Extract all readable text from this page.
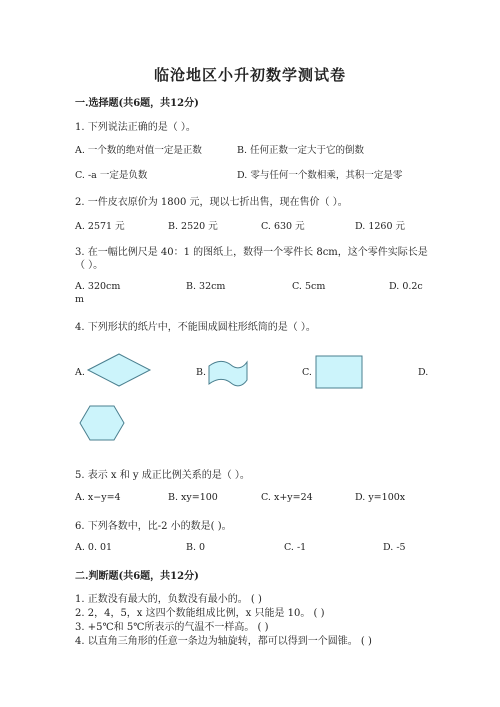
临沧地区小升初数学测试卷
一.选择题(共6题，共12分)
1. 下列说法正确的是（ ）。
A. 一个数的绝对值一定是正数	B. 任何正数一定大于它的倒数
C. -a 一定是负数	D. 零与任何一个数相乘，其积一定是零
2. 一件皮衣原价为 1800 元，现以七折出售，现在售价（ ）。
A. 2571 元	B. 2520 元	C. 630 元	D. 1260 元
3. 在一幅比例尺是 40：1 的图纸上，数得一个零件长 8cm，这个零件实际长是
（ ）。
A. 320cm	B. 32cm	C. 5cm	D. 0.2c
m
4. 下列形状的纸片中，不能围成圆柱形纸筒的是（ ）。
A.	B.	C.	D.
5. 表示 x 和 y 成正比例关系的是（ ）。
A. x−y=4	B. xy=100	C. x+y=24	D. y=100x
6. 下列各数中，比-2 小的数是( )。
A. 0. 01	B. 0	C. -1	D. -5
二.判断题(共6题，共12分)
1. 正数没有最大的，负数没有最小的。 ( )
2. 2，4，5，x 这四个数能组成比例，x 只能是 10。 ( )
3. +5℃和 5℃所表示的气温不一样高。 ( )
4. 以直角三角形的任意一条边为轴旋转，都可以得到一个圆锥。 ( )
